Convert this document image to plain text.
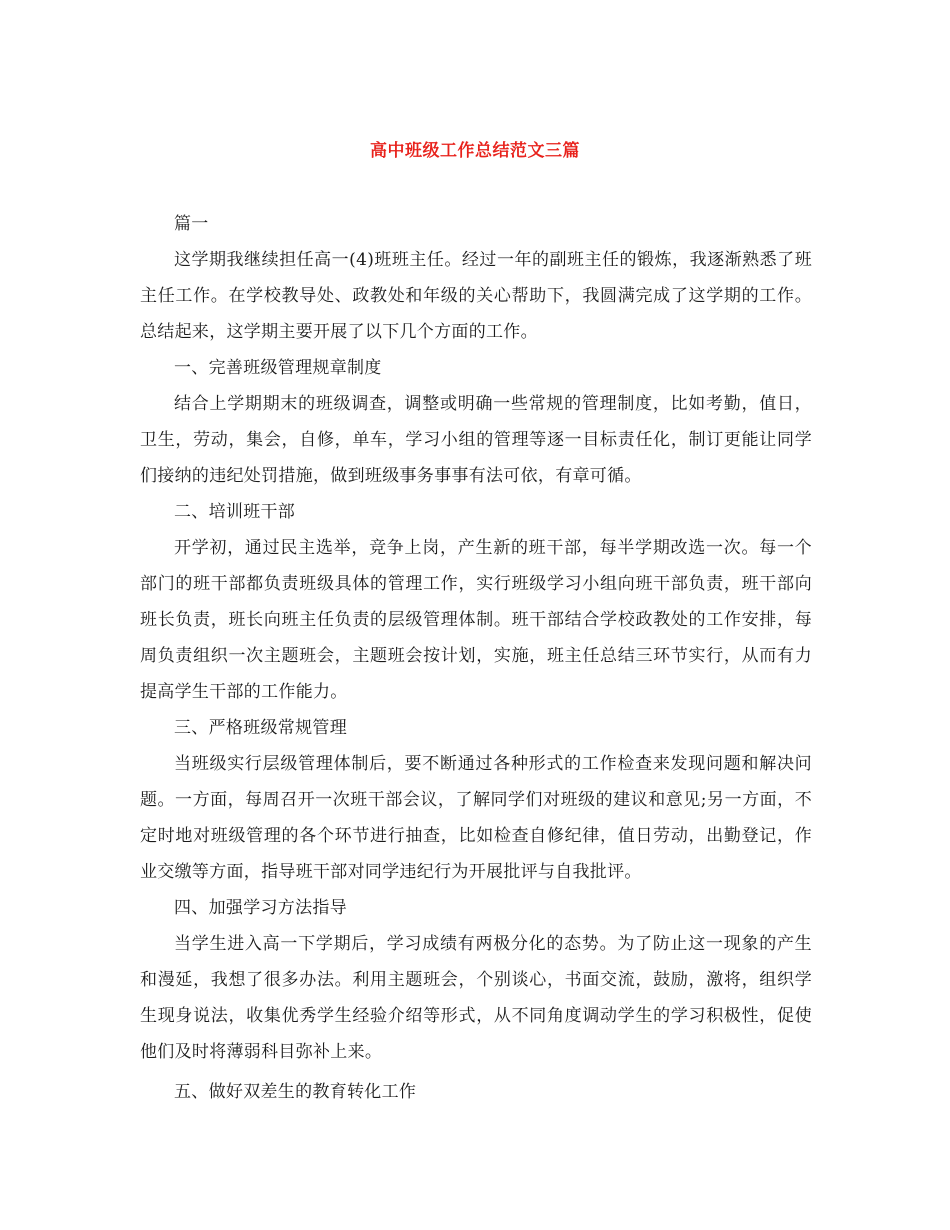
高中班级工作总结范文三篇

篇一

这学期我继续担任高一(4)班班主任。经过一年的副班主任的锻炼，我逐渐熟悉了班主任工作。在学校教导处、政教处和年级的关心帮助下，我圆满完成了这学期的工作。总结起来，这学期主要开展了以下几个方面的工作。

一、完善班级管理规章制度

结合上学期期末的班级调查，调整或明确一些常规的管理制度，比如考勤，值日，卫生，劳动，集会，自修，单车，学习小组的管理等逐一目标责任化，制订更能让同学们接纳的违纪处罚措施，做到班级事务事事有法可依，有章可循。

二、培训班干部

开学初，通过民主选举，竞争上岗，产生新的班干部，每半学期改选一次。每一个部门的班干部都负责班级具体的管理工作，实行班级学习小组向班干部负责，班干部向班长负责，班长向班主任负责的层级管理体制。班干部结合学校政教处的工作安排，每周负责组织一次主题班会，主题班会按计划，实施，班主任总结三环节实行，从而有力提高学生干部的工作能力。

三、严格班级常规管理

当班级实行层级管理体制后，要不断通过各种形式的工作检查来发现问题和解决问题。一方面，每周召开一次班干部会议，了解同学们对班级的建议和意见;另一方面，不定时地对班级管理的各个环节进行抽查，比如检查自修纪律，值日劳动，出勤登记，作业交缴等方面，指导班干部对同学违纪行为开展批评与自我批评。

四、加强学习方法指导

当学生进入高一下学期后，学习成绩有两极分化的态势。为了防止这一现象的产生和漫延，我想了很多办法。利用主题班会，个别谈心，书面交流，鼓励，激将，组织学生现身说法，收集优秀学生经验介绍等形式，从不同角度调动学生的学习积极性，促使他们及时将薄弱科目弥补上来。

五、做好双差生的教育转化工作
